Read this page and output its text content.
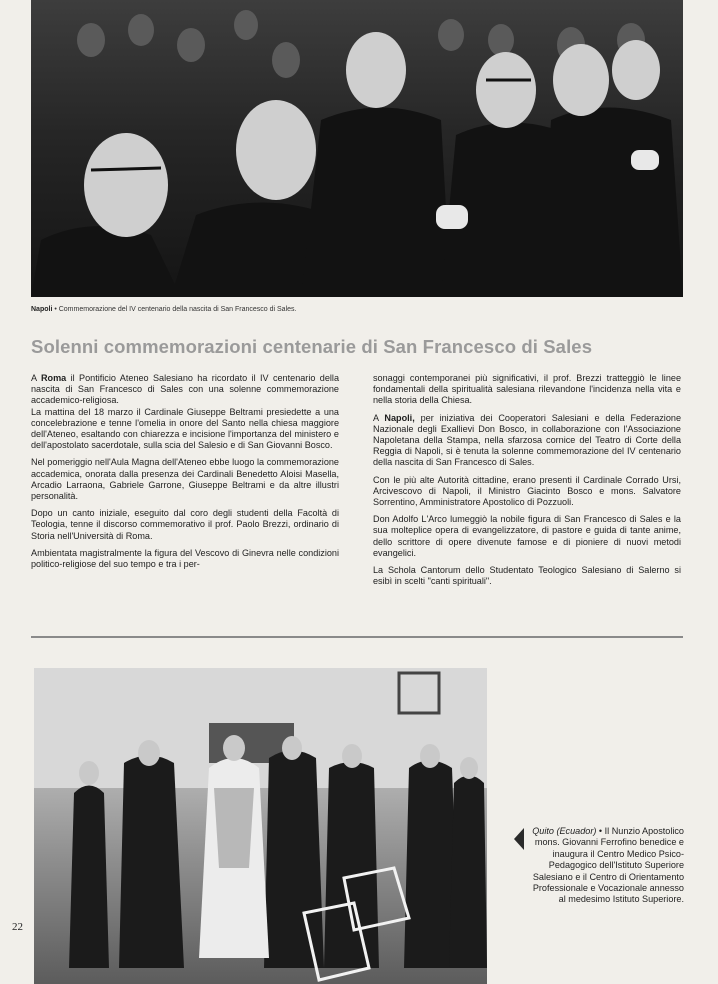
Napoli • Commemorazione del IV centenario della nascita di San Francesco di Sales.
Solenni commemorazioni centenarie di San Francesco di Sales

A Roma il Pontificio Ateneo Salesiano ha ricordato il IV centenario della nascita di San Francesco di Sales con una solenne commemorazione accademico-religiosa.
La mattina del 18 marzo il Cardinale Giuseppe Beltrami presiedette a una concelebrazione e tenne l'omelia in onore del Santo nella chiesa maggiore dell'Ateneo, esaltando con chiarezza e incisione l'importanza del ministero e dell'apostolato sacerdotale, sulla scia del Salesio e di San Giovanni Bosco.

Nel pomeriggio nell'Aula Magna dell'Ateneo ebbe luogo la commemorazione accademica, onorata dalla presenza dei Cardinali Benedetto Aloisi Masella, Arcadio Larraona, Gabriele Garrone, Giuseppe Beltrami e da altre illustri personalità.

Dopo un canto iniziale, eseguito dal coro degli studenti della Facoltà di Teologia, tenne il discorso commemorativo il prof. Paolo Brezzi, ordinario di Storia nell'Università di Roma.

Ambientata magistralmente la figura del Vescovo di Ginevra nelle condizioni politico-religiose del suo tempo e tra i per-

sonaggi contemporanei più significativi, il prof. Brezzi tratteggiò le linee fondamentali della spiritualità salesiana rilevandone l'incidenza nella vita e nella storia della Chiesa.

A Napoli, per iniziativa dei Cooperatori Salesiani e della Federazione Nazionale degli Exallievi Don Bosco, in collaborazione con l'Associazione Napoletana della Stampa, nella sfarzosa cornice del Teatro di Corte della Reggia di Napoli, si è tenuta la solenne commemorazione del IV centenario della nascita di San Francesco di Sales.

Con le più alte Autorità cittadine, erano presenti il Cardinale Corrado Ursi, Arcivescovo di Napoli, il Ministro Giacinto Bosco e mons. Salvatore Sorrentino, Amministratore Apostolico di Pozzuoli.

Don Adolfo L'Arco lumeggiò la nobile figura di San Francesco di Sales e la sua molteplice opera di evangelizzatore, di pastore e guida di tante anime, dello scrittore di opere divenute famose e di pioniere di nuovi metodi evangelici.

La Schola Cantorum dello Studentato Teologico Salesiano di Salerno si esibì in scelti "canti spirituali".

Quito (Ecuador) • Il Nunzio Apostolico mons. Giovanni Ferrofino benedice e inaugura il Centro Medico Psico-Pedagogico dell'Istituto Superiore Salesiano e il Centro di Orientamento Professionale e Vocazionale annesso al medesimo Istituto Superiore.
22
